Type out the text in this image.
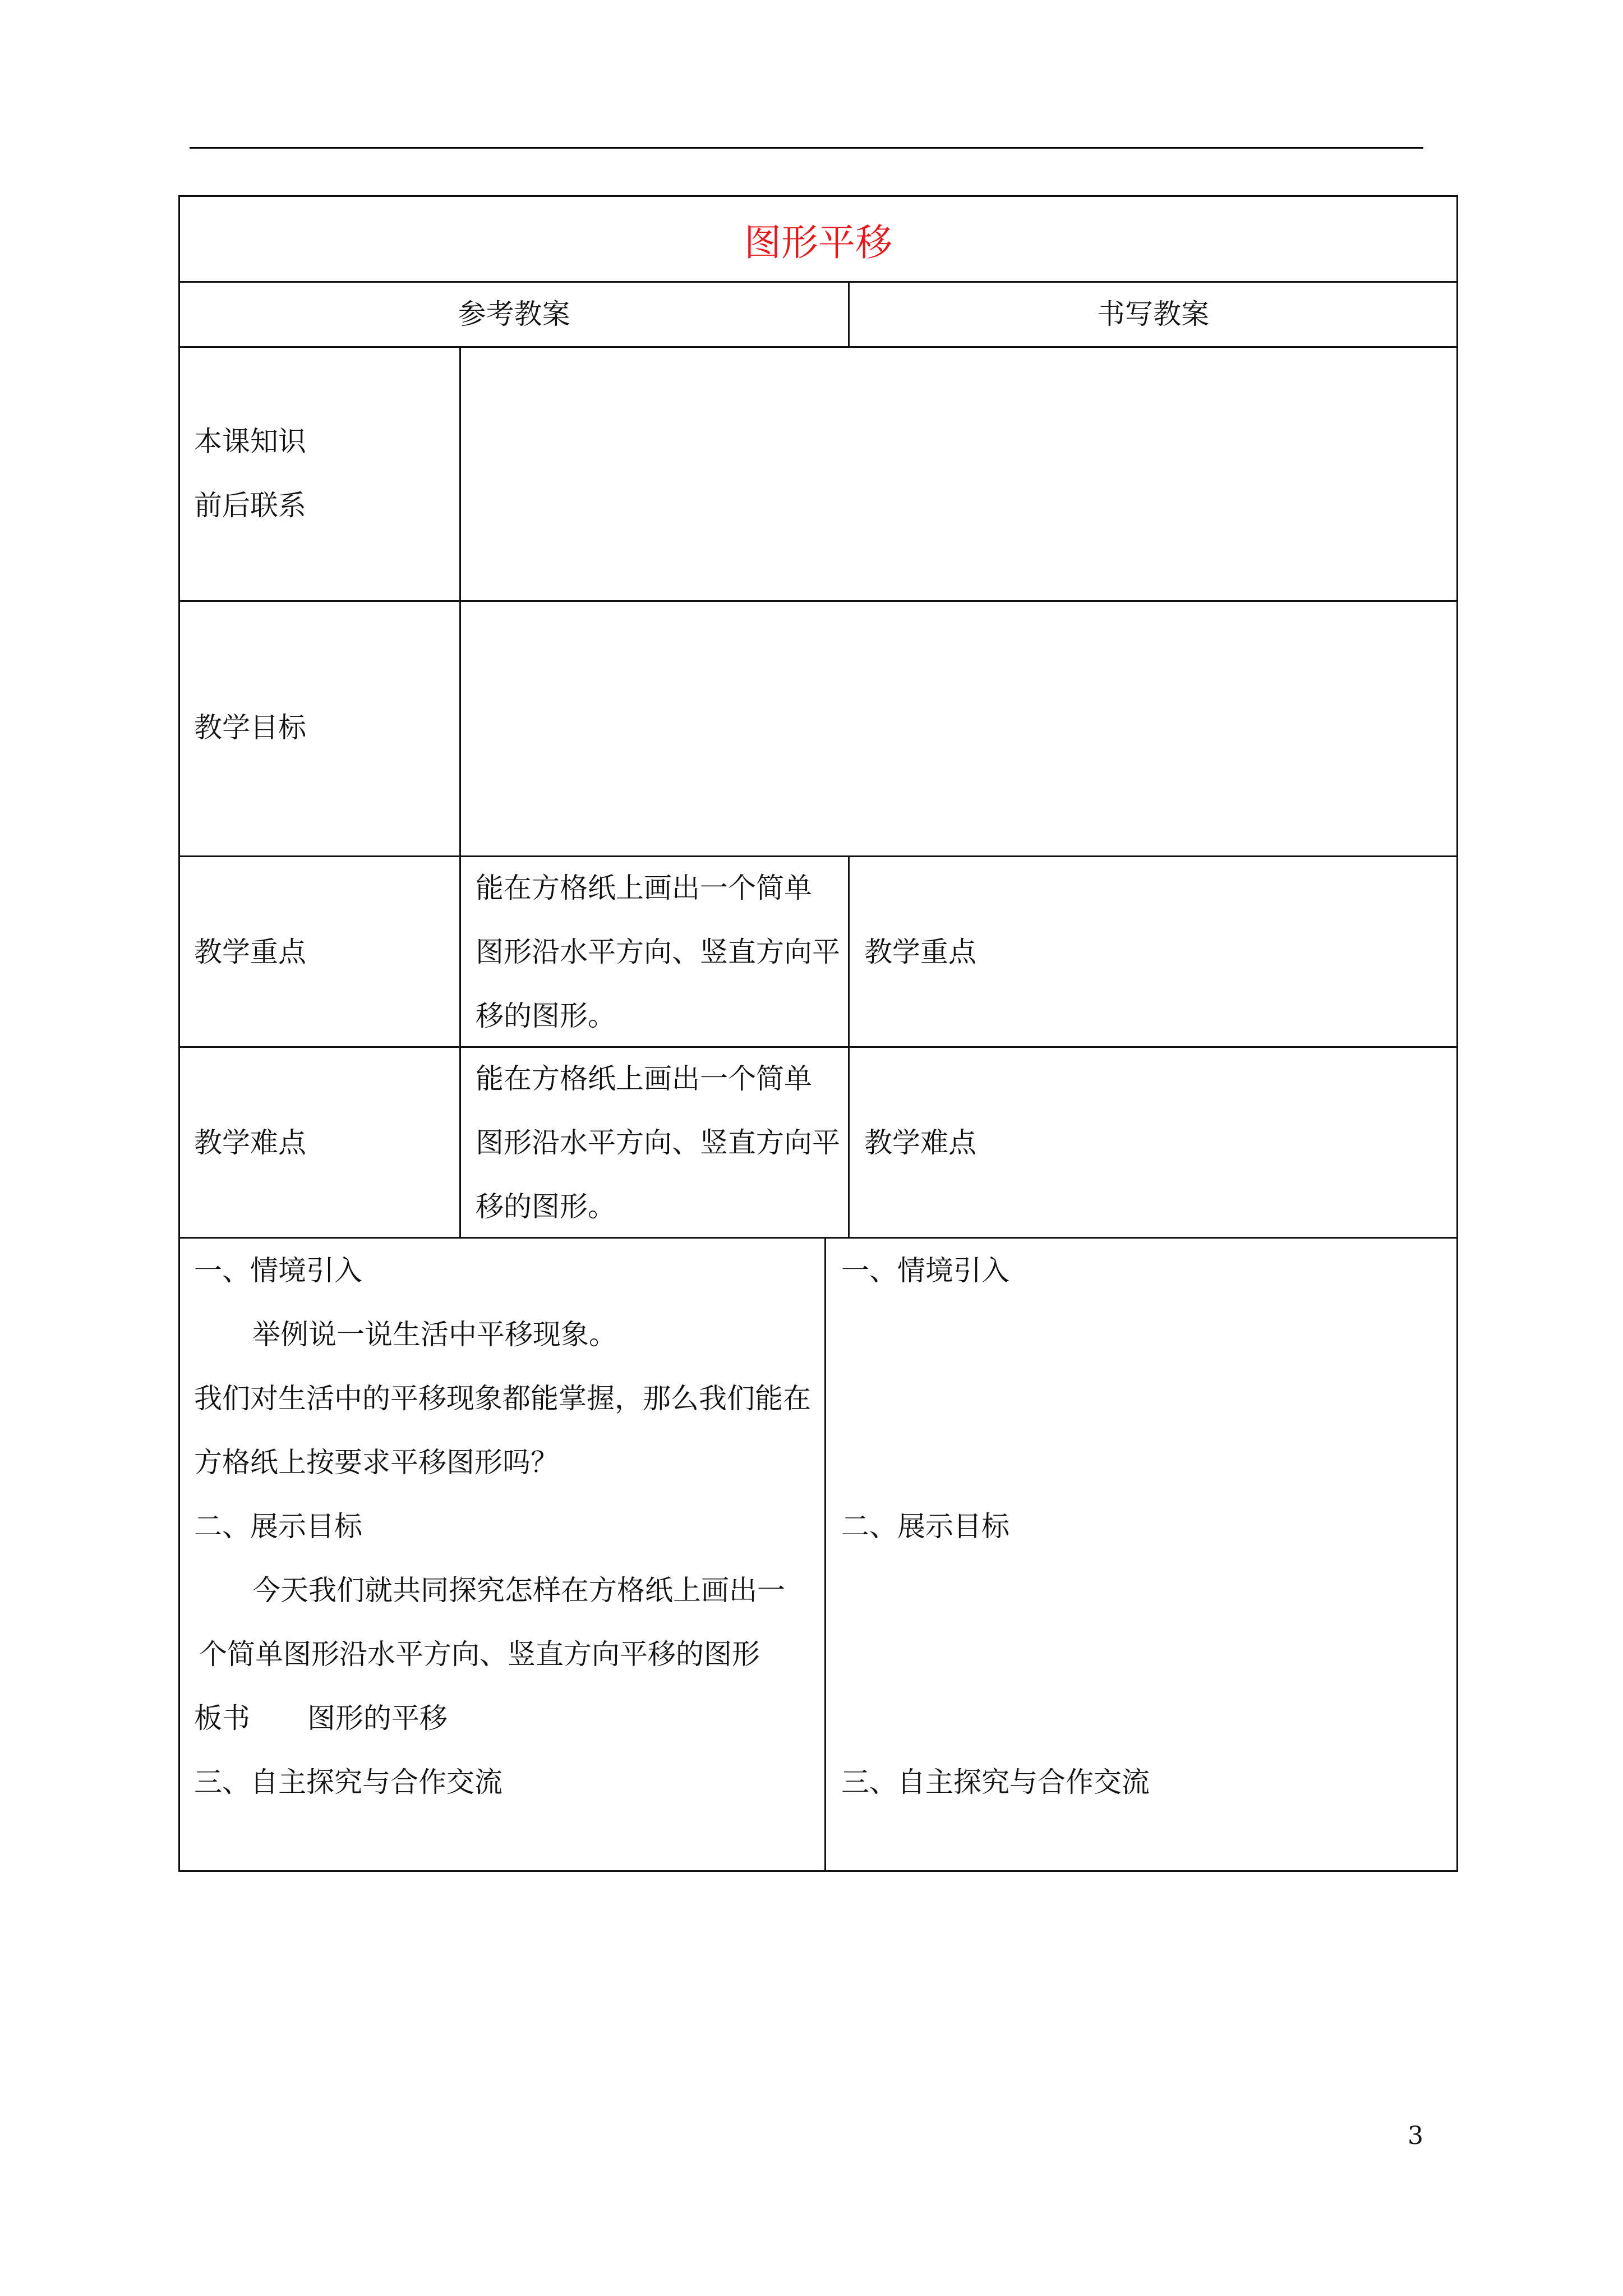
图形平移
参考教案	书写教案
本课知识
前后联系
教学目标
教学重点
能在方格纸上画出一个简单
图形沿水平方向、竖直方向平
移的图形。
教学重点
教学难点
能在方格纸上画出一个简单
图形沿水平方向、竖直方向平
移的图形。
教学难点
一、情境引入
举例说一说生活中平移现象。
我们对生活中的平移现象都能掌握，那么我们能在
方格纸上按要求平移图形吗？
二、展示目标
今天我们就共同探究怎样在方格纸上画出一
个简单图形沿水平方向、竖直方向平移的图形
板书 图形的平移
三、自主探究与合作交流
一、情境引入
二、展示目标
三、自主探究与合作交流
3
